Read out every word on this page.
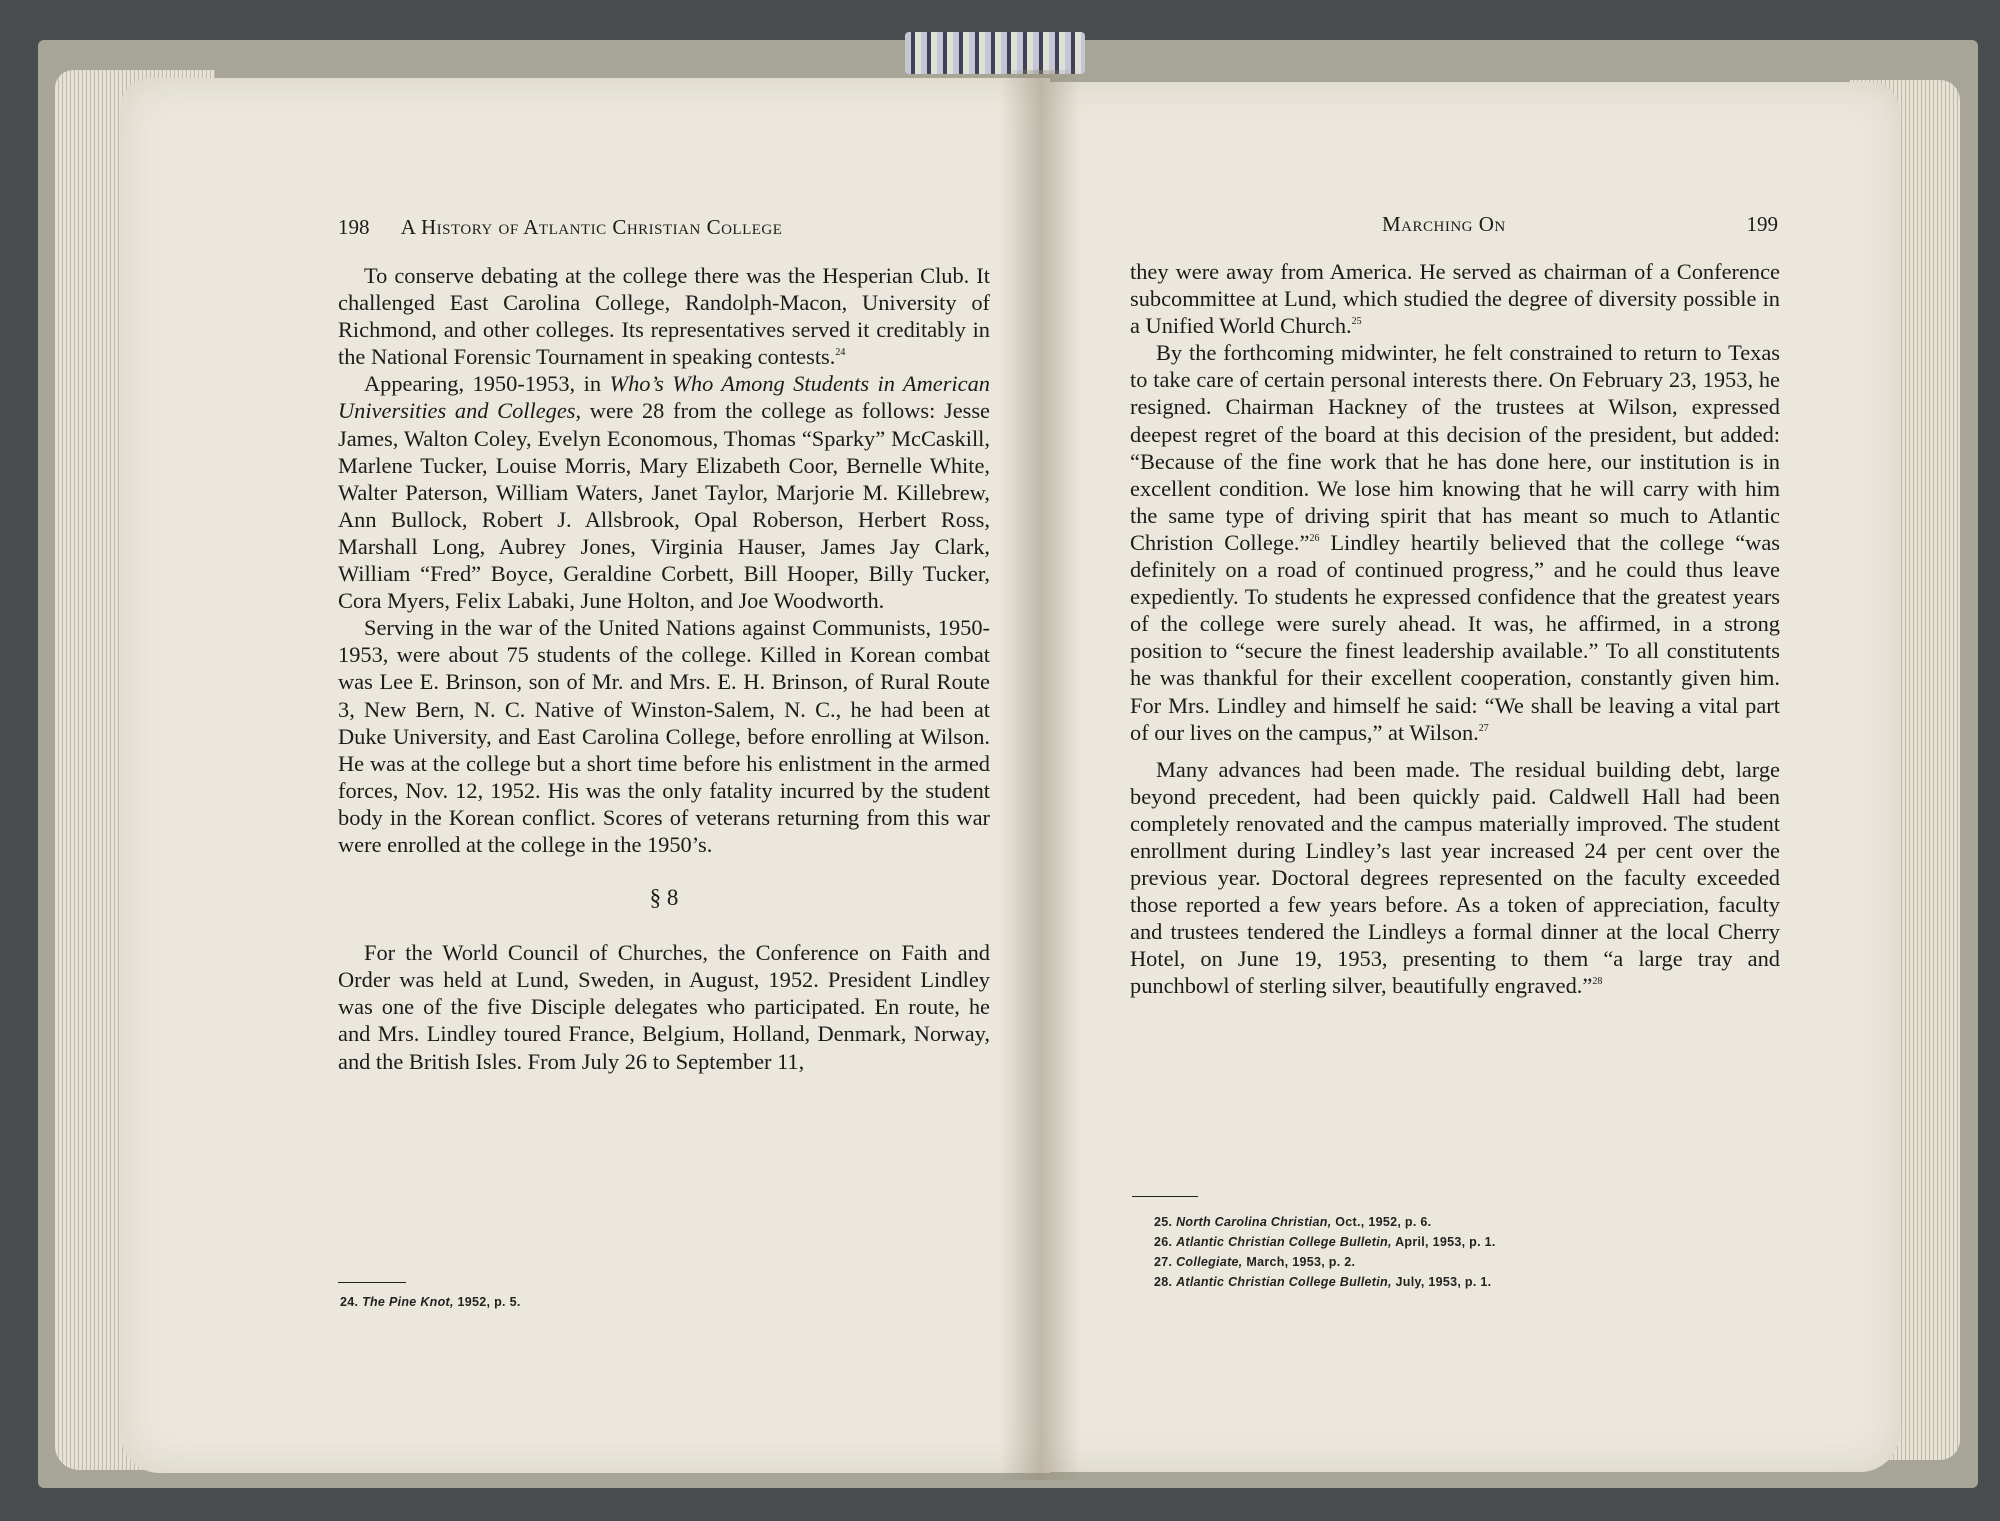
198 A History of Atlantic Christian College

To conserve debating at the college there was the Hesperian Club. It challenged East Carolina College, Randolph-Macon, University of Richmond, and other colleges. Its representatives served it creditably in the National Forensic Tournament in speaking contests.$^{24}$

Appearing, 1950-1953, in Who’s Who Among Students in American Universities and Colleges, were 28 from the college as follows: Jesse James, Walton Coley, Evelyn Economous, Thomas “Sparky” McCaskill, Marlene Tucker, Louise Morris, Mary Elizabeth Coor, Bernelle White, Walter Paterson, William Waters, Janet Taylor, Marjorie M. Killebrew, Ann Bullock, Robert J. Allsbrook, Opal Roberson, Herbert Ross, Marshall Long, Aubrey Jones, Virginia Hauser, James Jay Clark, William “Fred” Boyce, Geraldine Corbett, Bill Hooper, Billy Tucker, Cora Myers, Felix Labaki, June Holton, and Joe Woodworth.

Serving in the war of the United Nations against Communists, 1950-1953, were about 75 students of the college. Killed in Korean combat was Lee E. Brinson, son of Mr. and Mrs. E. H. Brinson, of Rural Route 3, New Bern, N. C. Native of Winston-Salem, N. C., he had been at Duke University, and East Carolina College, before enrolling at Wilson. He was at the college but a short time before his enlistment in the armed forces, Nov. 12, 1952. His was the only fatality incurred by the student body in the Korean conflict. Scores of veterans returning from this war were enrolled at the college in the 1950’s.

§ 8

For the World Council of Churches, the Conference on Faith and Order was held at Lund, Sweden, in August, 1952. President Lindley was one of the five Disciple delegates who participated. En route, he and Mrs. Lindley toured France, Belgium, Holland, Denmark, Norway, and the British Isles. From July 26 to September 11,

24. The Pine Knot, 1952, p. 5.
Marching On	199

they were away from America. He served as chairman of a Conference subcommittee at Lund, which studied the degree of diversity possible in a Unified World Church.$^{25}$

By the forthcoming midwinter, he felt constrained to return to Texas to take care of certain personal interests there. On February 23, 1953, he resigned. Chairman Hackney of the trustees at Wilson, expressed deepest regret of the board at this decision of the president, but added: “Because of the fine work that he has done here, our institution is in excellent condition. We lose him knowing that he will carry with him the same type of driving spirit that has meant so much to Atlantic Christion College.”$^{26}$ Lindley heartily believed that the college “was definitely on a road of continued progress,” and he could thus leave expediently. To students he expressed confidence that the greatest years of the college were surely ahead. It was, he affirmed, in a strong position to “secure the finest leadership available.” To all constitutents he was thankful for their excellent cooperation, constantly given him. For Mrs. Lindley and himself he said: “We shall be leaving a vital part of our lives on the campus,” at Wilson.$^{27}$

Many advances had been made. The residual building debt, large beyond precedent, had been quickly paid. Caldwell Hall had been completely renovated and the campus materially improved. The student enrollment during Lindley’s last year increased 24 per cent over the previous year. Doctoral degrees represented on the faculty exceeded those reported a few years before. As a token of appreciation, faculty and trustees tendered the Lindleys a formal dinner at the local Cherry Hotel, on June 19, 1953, presenting to them “a large tray and punchbowl of sterling silver, beautifully engraved.”$^{28}$

25. North Carolina Christian, Oct., 1952, p. 6.
26. Atlantic Christian College Bulletin, April, 1953, p. 1.
27. Collegiate, March, 1953, p. 2.
28. Atlantic Christian College Bulletin, July, 1953, p. 1.
